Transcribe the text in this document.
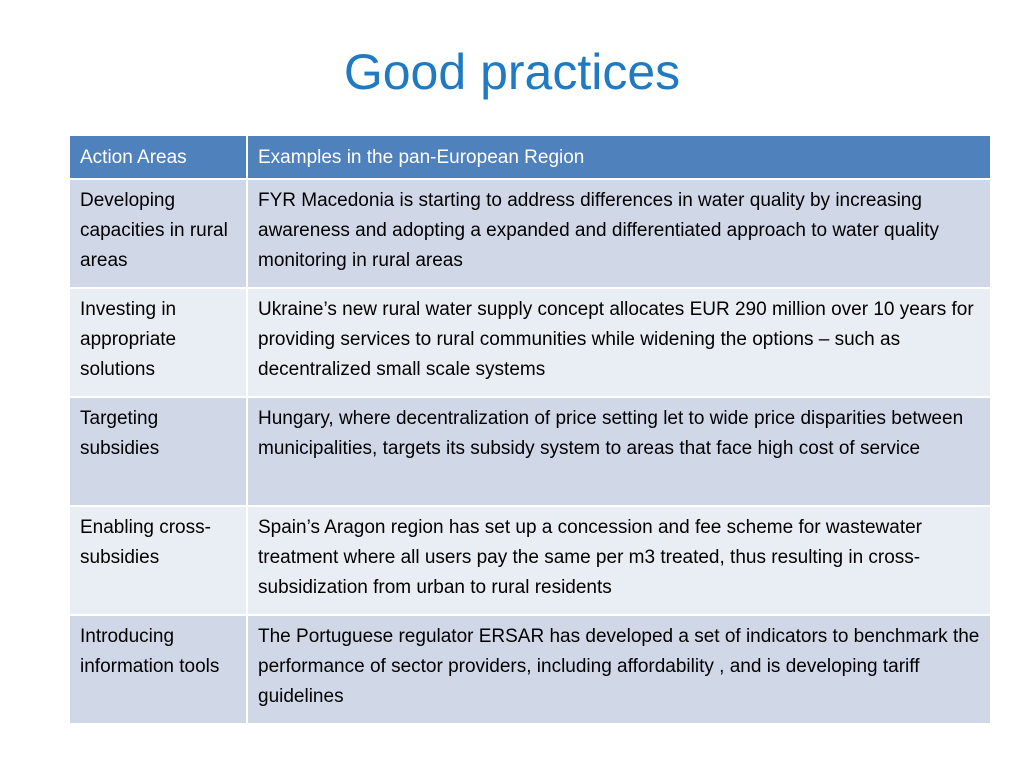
Good practices
Action Areas	Examples in the pan-European Region
Developing capacities in rural areas	FYR Macedonia is starting to address differences in water quality by increasing awareness and adopting a expanded and differentiated approach to water quality monitoring in rural areas
Investing in appropriate solutions	Ukraine’s new rural water supply concept allocates EUR 290 million over 10 years for providing services to rural communities while widening the options – such as decentralized small scale systems
Targeting subsidies	Hungary, where decentralization of price setting let to wide price disparities between municipalities, targets its subsidy system to areas that face high cost of service
Enabling cross-subsidies	Spain’s Aragon region has set up a concession and fee scheme for wastewater treatment where all users pay the same per m3 treated, thus resulting in cross-subsidization from urban to rural residents
Introducing information tools	The Portuguese regulator ERSAR has developed a set of indicators to benchmark the performance of sector providers, including affordability , and is developing tariff guidelines
